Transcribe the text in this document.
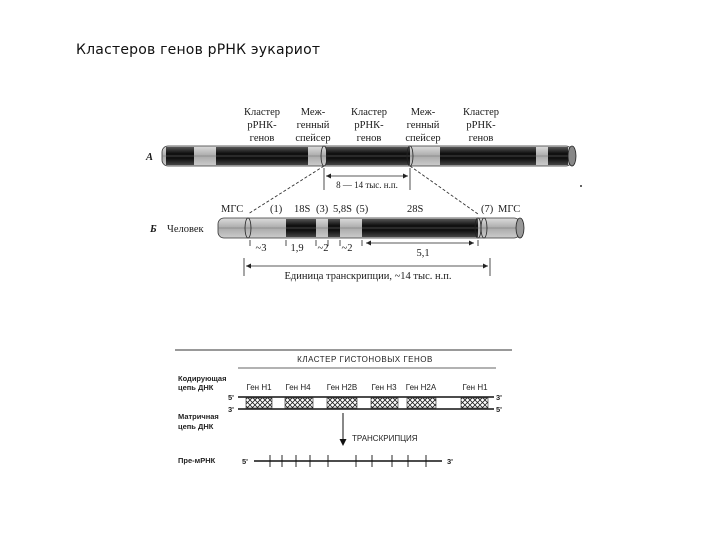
Кластеров генов рРНК эукариот
А
Кластер
рРНК-
генов
Меж-
генный
спейсер
Кластер
рРНК-
генов
Меж-
генный
спейсер
Кластер
рРНК-
генов
8 — 14 тыс. н.п.
Б Человек
МГС	(1) 18S (3) 5,8S (5)	28S	(7) МГС
~3 1,9 ~2 ~2	5,1
Единица транскрипции, ~14 тыс. н.п.
КЛАСТЕР ГИСТОНОВЫХ ГЕНОВ
Кодирующая
цепь ДНК	Ген H1 Ген H4 Ген H2B Ген H3 Ген H2A	Ген H1
5'
3'
3'
5'
Матричная
цепь ДНК
ТРАНСКРИПЦИЯ
Пре-мРНК	5'	3'
